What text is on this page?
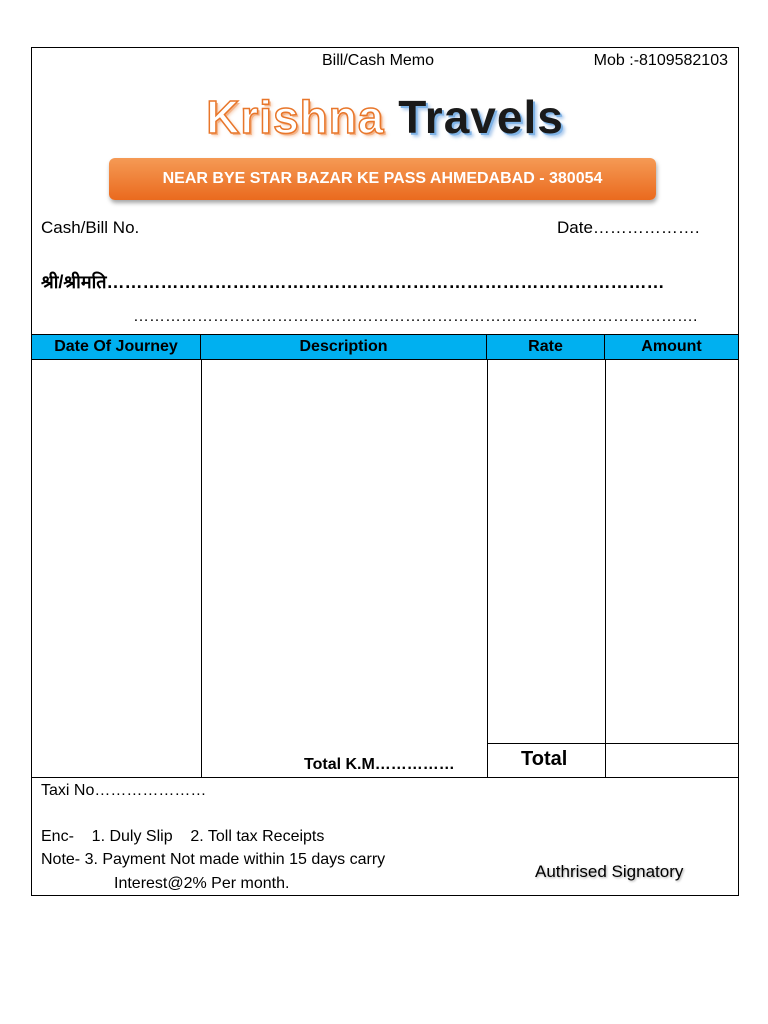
Bill/Cash Memo	Mob :-8109582103
Krishna Travels
NEAR BYE STAR BAZAR KE PASS AHMEDABAD - 380054
Cash/Bill No.	Date……………….
श्री/श्रीमति…………………………………………………………………………………
…………………………………………………………………………………………….
Date Of Journey	Description	Rate	Amount
Total K.M……………	Total
Taxi No…………………
Enc-    1. Duly Slip    2. Toll tax Receipts
Note- 3. Payment Not made within 15 days carry
Interest@2% Per month.
Authrised Signatory
